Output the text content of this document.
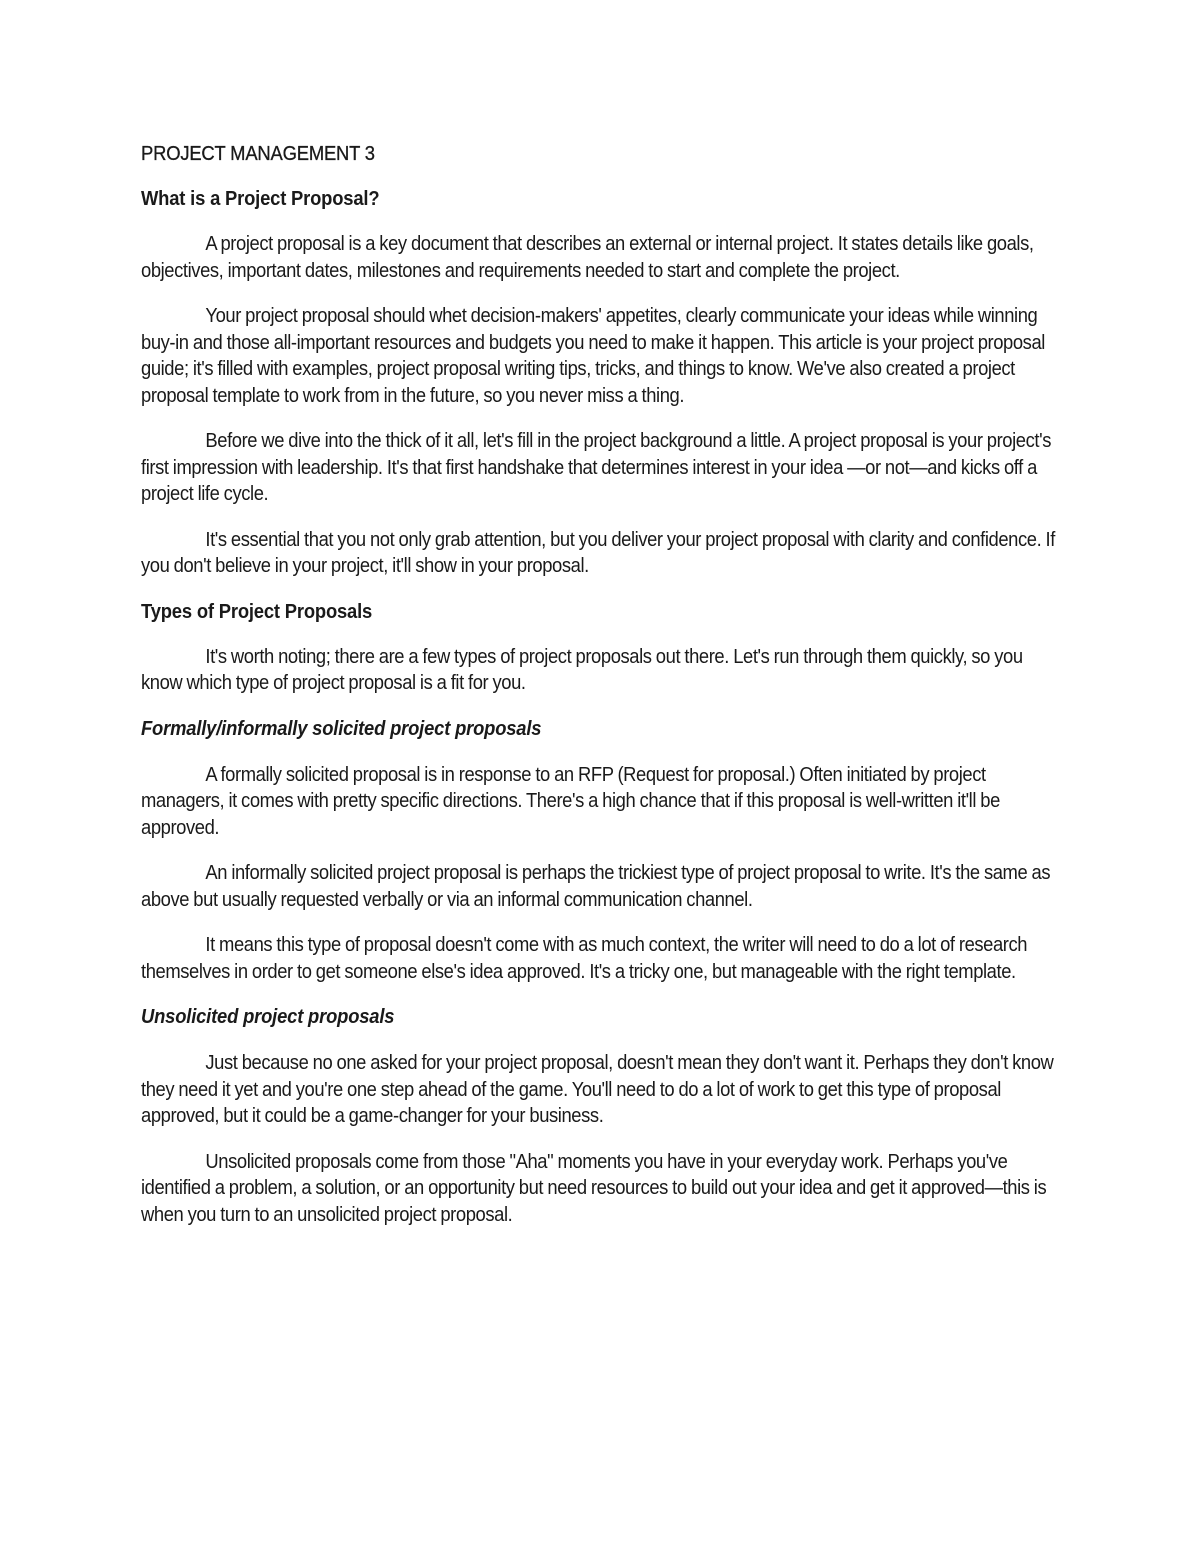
PROJECT MANAGEMENT 3
What is a Project Proposal?
A project proposal is a key document that describes an external or internal project. It states details like goals, objectives, important dates, milestones and requirements needed to start and complete the project.
Your project proposal should whet decision-makers' appetites, clearly communicate your ideas while winning buy-in and those all-important resources and budgets you need to make it happen. This article is your project proposal guide; it's filled with examples, project proposal writing tips, tricks, and things to know. We've also created a project proposal template to work from in the future, so you never miss a thing.
Before we dive into the thick of it all, let's fill in the project background a little. A project proposal is your project's first impression with leadership. It's that first handshake that determines interest in your idea —or not—and kicks off a project life cycle.
It's essential that you not only grab attention, but you deliver your project proposal with clarity and confidence. If you don't believe in your project, it'll show in your proposal.
Types of Project Proposals
It's worth noting; there are a few types of project proposals out there. Let's run through them quickly, so you know which type of project proposal is a fit for you.
Formally/informally solicited project proposals
A formally solicited proposal is in response to an RFP (Request for proposal.) Often initiated by project managers, it comes with pretty specific directions. There's a high chance that if this proposal is well-written it'll be approved.
An informally solicited project proposal is perhaps the trickiest type of project proposal to write. It's the same as above but usually requested verbally or via an informal communication channel.
It means this type of proposal doesn't come with as much context, the writer will need to do a lot of research themselves in order to get someone else's idea approved. It's a tricky one, but manageable with the right template.
Unsolicited project proposals
Just because no one asked for your project proposal, doesn't mean they don't want it. Perhaps they don't know they need it yet and you're one step ahead of the game. You'll need to do a lot of work to get this type of proposal approved, but it could be a game-changer for your business.
Unsolicited proposals come from those "Aha" moments you have in your everyday work. Perhaps you've identified a problem, a solution, or an opportunity but need resources to build out your idea and get it approved—this is when you turn to an unsolicited project proposal.
